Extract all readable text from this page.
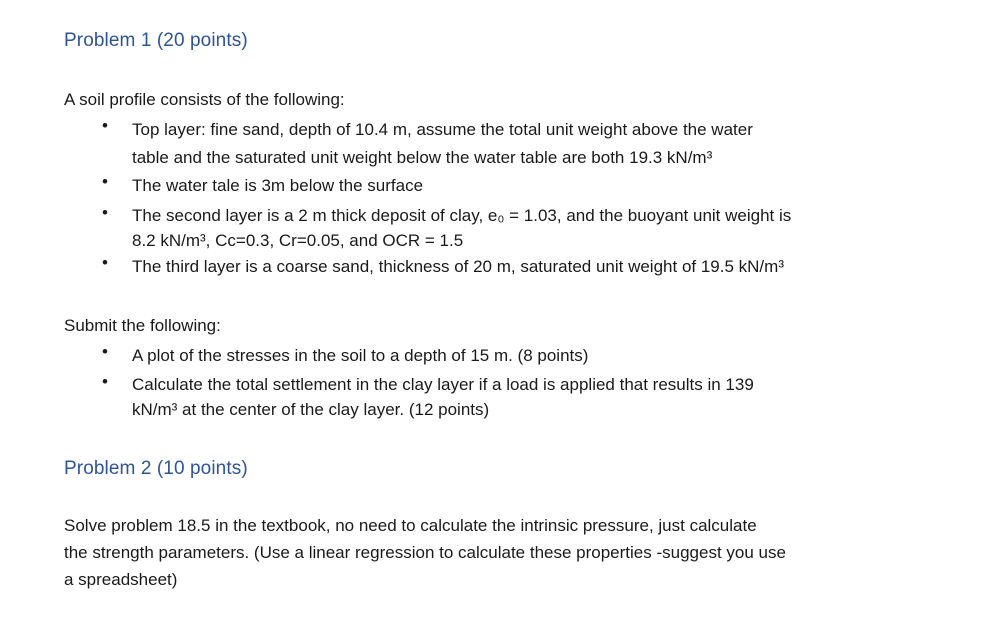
Problem 1 (20 points)

A soil profile consists of the following:

• Top layer: fine sand, depth of 10.4 m, assume the total unit weight above the water
table and the saturated unit weight below the water table are both 19.3 kN/m³
• The water tale is 3m below the surface
• The second layer is a 2 m thick deposit of clay, e₀ = 1.03, and the buoyant unit weight is
8.2 kN/m³, Cc=0.3, Cr=0.05, and OCR = 1.5
• The third layer is a coarse sand, thickness of 20 m, saturated unit weight of 19.5 kN/m³

Submit the following:

• A plot of the stresses in the soil to a depth of 15 m. (8 points)
• Calculate the total settlement in the clay layer if a load is applied that results in 139
kN/m³ at the center of the clay layer. (12 points)
Problem 2 (10 points)
Solve problem 18.5 in the textbook, no need to calculate the intrinsic pressure, just calculate
the strength parameters. (Use a linear regression to calculate these properties -suggest you use
a spreadsheet)
